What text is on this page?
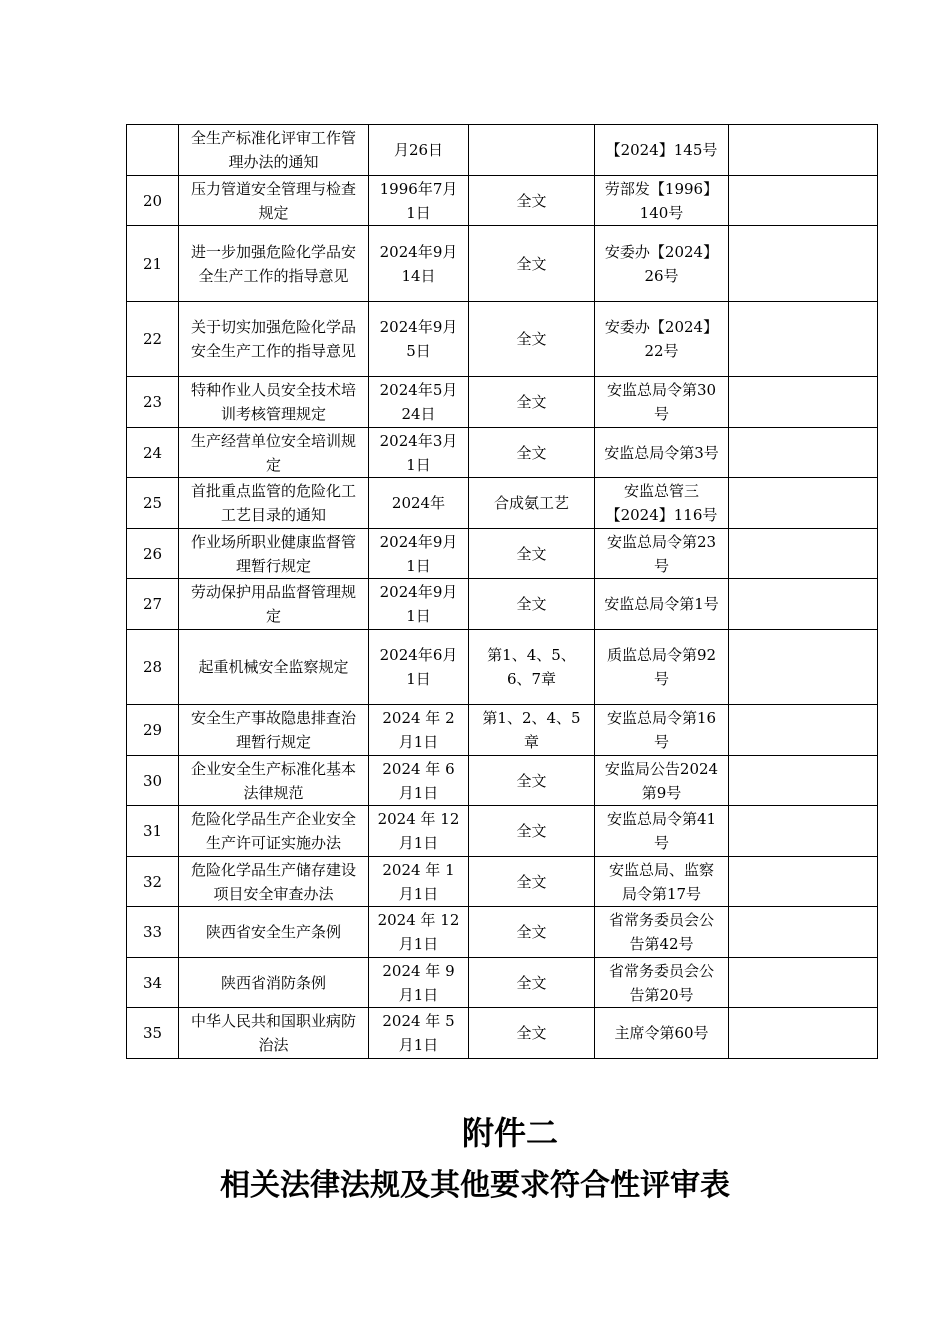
	全生产标准化评审工作管理办法的通知	月26日		【2024】145号	
20	压力管道安全管理与检查规定	1996年7月1日	全文	劳部发【1996】140号	
21	进一步加强危险化学品安全生产工作的指导意见	2024年9月14日	全文	安委办【2024】26号	
22	关于切实加强危险化学品安全生产工作的指导意见	2024年9月5日	全文	安委办【2024】22号	
23	特种作业人员安全技术培训考核管理规定	2024年5月24日	全文	安监总局令第30号	
24	生产经营单位安全培训规定	2024年3月1日	全文	安监总局令第3号	
25	首批重点监管的危险化工工艺目录的通知	2024年	合成氨工艺	安监总管三【2024】116号	
26	作业场所职业健康监督管理暂行规定	2024年9月1日	全文	安监总局令第23号	
27	劳动保护用品监督管理规定	2024年9月1日	全文	安监总局令第1号	
28	起重机械安全监察规定	2024年6月1日	第1、4、5、6、7章	质监总局令第92号	
29	安全生产事故隐患排查治理暂行规定	2024 年 2月1日	第1、2、4、5章	安监总局令第16号	
30	企业安全生产标准化基本法律规范	2024 年 6月1日	全文	安监局公告2024第9号	
31	危险化学品生产企业安全生产许可证实施办法	2024 年 12月1日	全文	安监总局令第41号	
32	危险化学品生产储存建设项目安全审查办法	2024 年 1月1日	全文	安监总局、监察局令第17号	
33	陕西省安全生产条例	2024 年 12月1日	全文	省常务委员会公告第42号	
34	陕西省消防条例	2024 年 9月1日	全文	省常务委员会公告第20号	
35	中华人民共和国职业病防治法	2024 年 5月1日	全文	主席令第60号	
附件二
相关法律法规及其他要求符合性评审表
